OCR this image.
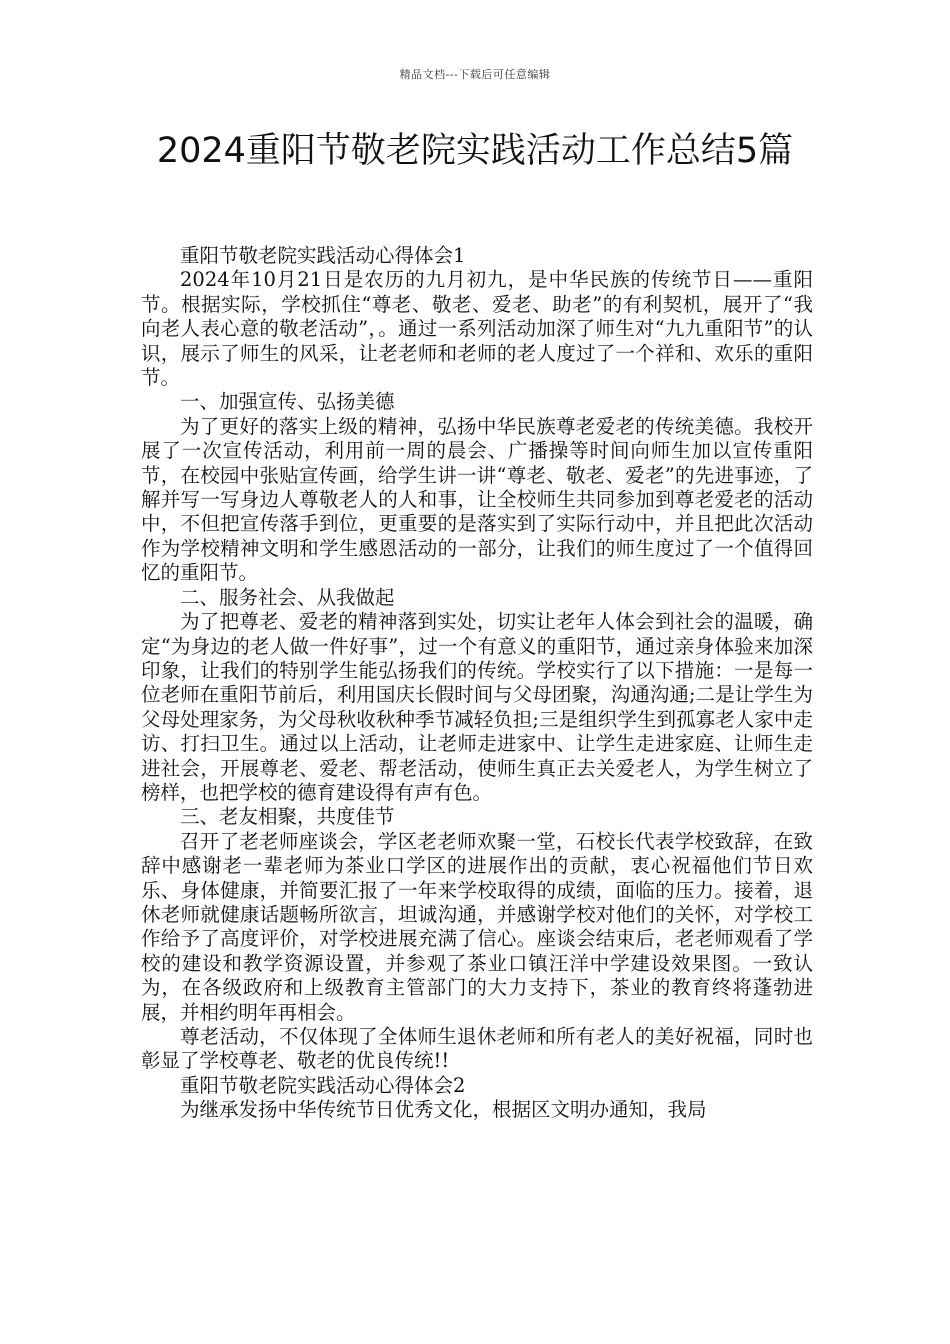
精品文档---下载后可任意编辑
2024重阳节敬老院实践活动工作总结5篇

重阳节敬老院实践活动心得体会1

2024年10月21日是农历的九月初九，是中华民族的传统节日——重阳节。根据实际，学校抓住“尊老、敬老、爱老、助老”的有利契机，展开了“我向老人表心意的敬老活动”，。通过一系列活动加深了师生对“九九重阳节”的认识，展示了师生的风采，让老老师和老师的老人度过了一个祥和、欢乐的重阳节。

一、加强宣传、弘扬美德

为了更好的落实上级的精神，弘扬中华民族尊老爱老的传统美德。我校开展了一次宣传活动，利用前一周的晨会、广播操等时间向师生加以宣传重阳节，在校园中张贴宣传画，给学生讲一讲“尊老、敬老、爱老”的先进事迹，了解并写一写身边人尊敬老人的人和事，让全校师生共同参加到尊老爱老的活动中，不但把宣传落手到位，更重要的是落实到了实际行动中，并且把此次活动作为学校精神文明和学生感恩活动的一部分，让我们的师生度过了一个值得回忆的重阳节。

二、服务社会、从我做起

为了把尊老、爱老的精神落到实处，切实让老年人体会到社会的温暖，确定“为身边的老人做一件好事”，过一个有意义的重阳节，通过亲身体验来加深印象，让我们的特别学生能弘扬我们的传统。学校实行了以下措施：一是每一位老师在重阳节前后，利用国庆长假时间与父母团聚，沟通沟通;二是让学生为父母处理家务，为父母秋收秋种季节减轻负担;三是组织学生到孤寡老人家中走访、打扫卫生。通过以上活动，让老师走进家中、让学生走进家庭、让师生走进社会，开展尊老、爱老、帮老活动，使师生真正去关爱老人，为学生树立了榜样，也把学校的德育建设得有声有色。

三、老友相聚，共度佳节

召开了老老师座谈会，学区老老师欢聚一堂，石校长代表学校致辞，在致辞中感谢老一辈老师为茶业口学区的进展作出的贡献，衷心祝福他们节日欢乐、身体健康，并简要汇报了一年来学校取得的成绩，面临的压力。接着，退休老师就健康话题畅所欲言，坦诚沟通，并感谢学校对他们的关怀，对学校工作给予了高度评价，对学校进展充满了信心。座谈会结束后，老老师观看了学校的建设和教学资源设置，并参观了茶业口镇汪洋中学建设效果图。一致认为，在各级政府和上级教育主管部门的大力支持下，茶业的教育终将蓬勃进展，并相约明年再相会。

尊老活动，不仅体现了全体师生退休老师和所有老人的美好祝福，同时也彰显了学校尊老、敬老的优良传统!!

重阳节敬老院实践活动心得体会2

为继承发扬中华传统节日优秀文化，根据区文明办通知，我局
